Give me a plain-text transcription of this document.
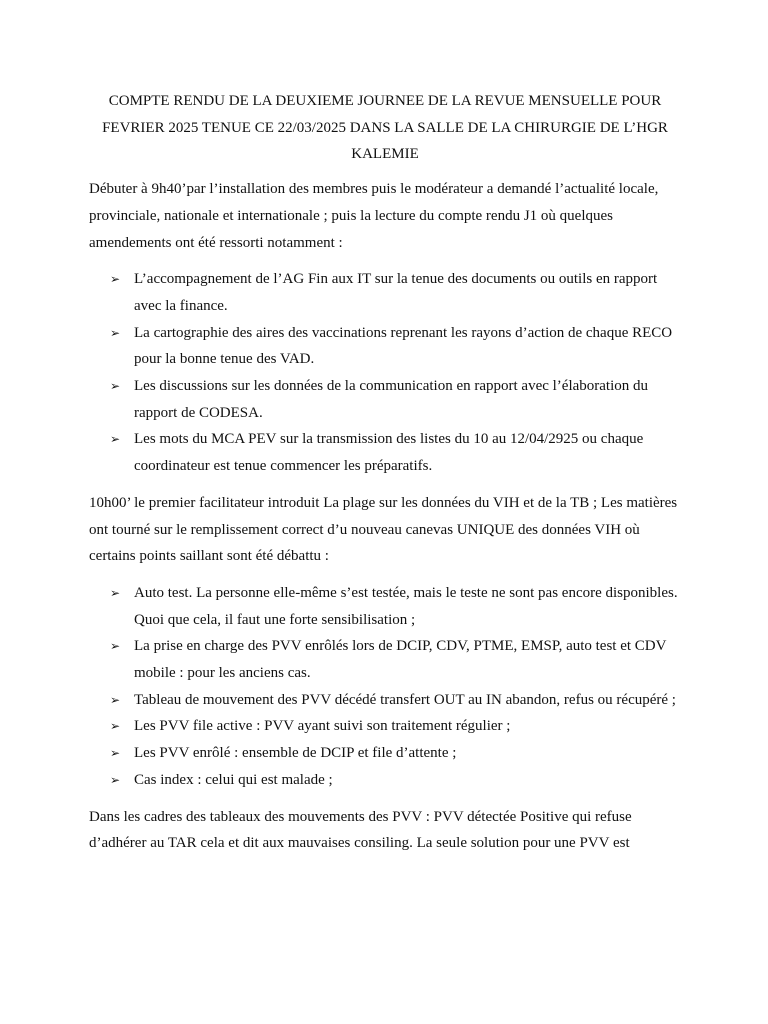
COMPTE RENDU DE LA DEUXIEME JOURNEE DE LA REVUE MENSUELLE POUR FEVRIER 2025 TENUE CE 22/03/2025 DANS LA SALLE DE LA CHIRURGIE DE L’HGR KALEMIE

Débuter à 9h40’par l’installation des membres puis le modérateur a demandé l’actualité locale, provinciale, nationale et internationale ; puis la lecture du compte rendu J1 où quelques amendements ont été ressorti notamment :

➢ L’accompagnement de l’AG Fin aux IT sur la tenue des documents ou outils en rapport avec la finance.
➢ La cartographie des aires des vaccinations reprenant les rayons d’action de chaque RECO pour la bonne tenue des VAD.
➢ Les discussions sur les données de la communication en rapport avec l’élaboration du rapport de CODESA.
➢ Les mots du MCA PEV sur la transmission des listes du 10 au 12/04/2925 ou chaque coordinateur est tenue commencer les préparatifs.

10h00’ le premier facilitateur introduit La plage sur les données du VIH et de la TB ; Les matières ont tourné sur le remplissement correct d’u nouveau canevas UNIQUE des données VIH où certains points saillant sont été débattu :

➢ Auto test. La personne elle-même s’est testée, mais le teste ne sont pas encore disponibles. Quoi que cela, il faut une forte sensibilisation ;
➢ La prise en charge des PVV enrôlés lors de DCIP, CDV, PTME, EMSP, auto test et CDV mobile : pour les anciens cas.
➢ Tableau de mouvement des PVV décédé transfert OUT au IN abandon, refus ou récupéré ;
➢ Les PVV file active : PVV ayant suivi son traitement régulier ;
➢ Les PVV enrôlé : ensemble de DCIP et file d’attente ;
➢ Cas index : celui qui est malade ;

Dans les cadres des tableaux des mouvements des PVV : PVV détectée Positive qui refuse d’adhérer au TAR cela et dit aux mauvaises consiling. La seule solution pour une PVV est
